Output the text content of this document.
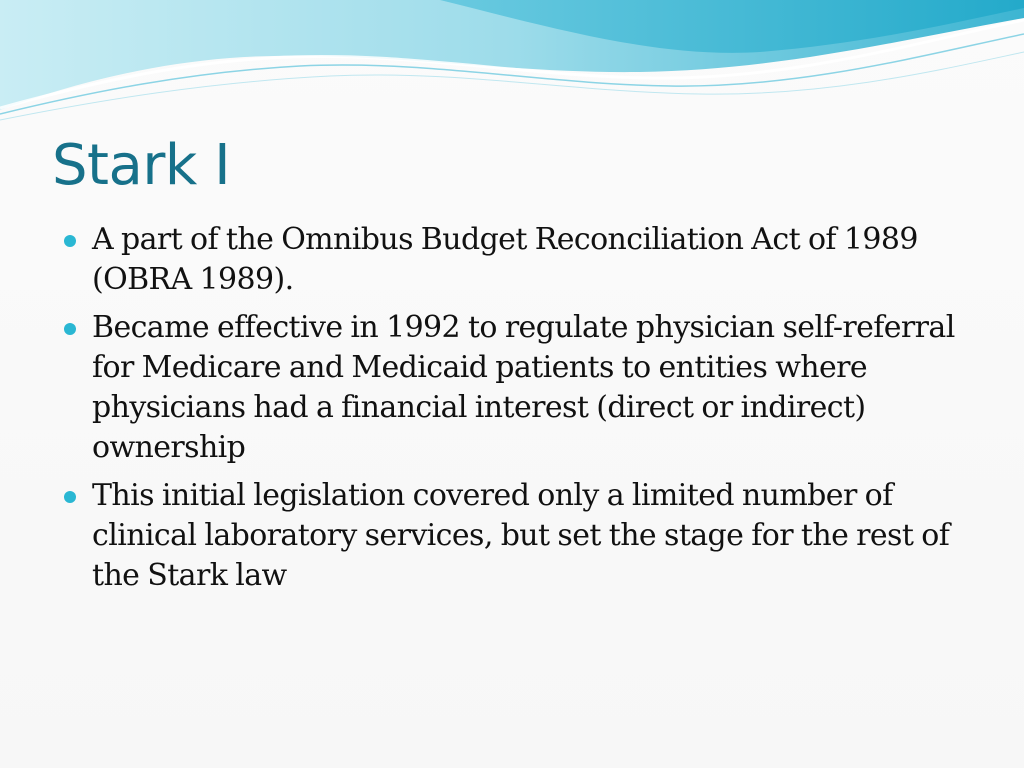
Stark I
A part of the Omnibus Budget Reconciliation Act of 1989 (OBRA 1989).
Became effective in 1992 to regulate physician self-referral for Medicare and Medicaid patients to entities where physicians had a financial interest (direct or indirect) ownership
This initial legislation covered only a limited number of clinical laboratory services, but set the stage for the rest of the Stark law
